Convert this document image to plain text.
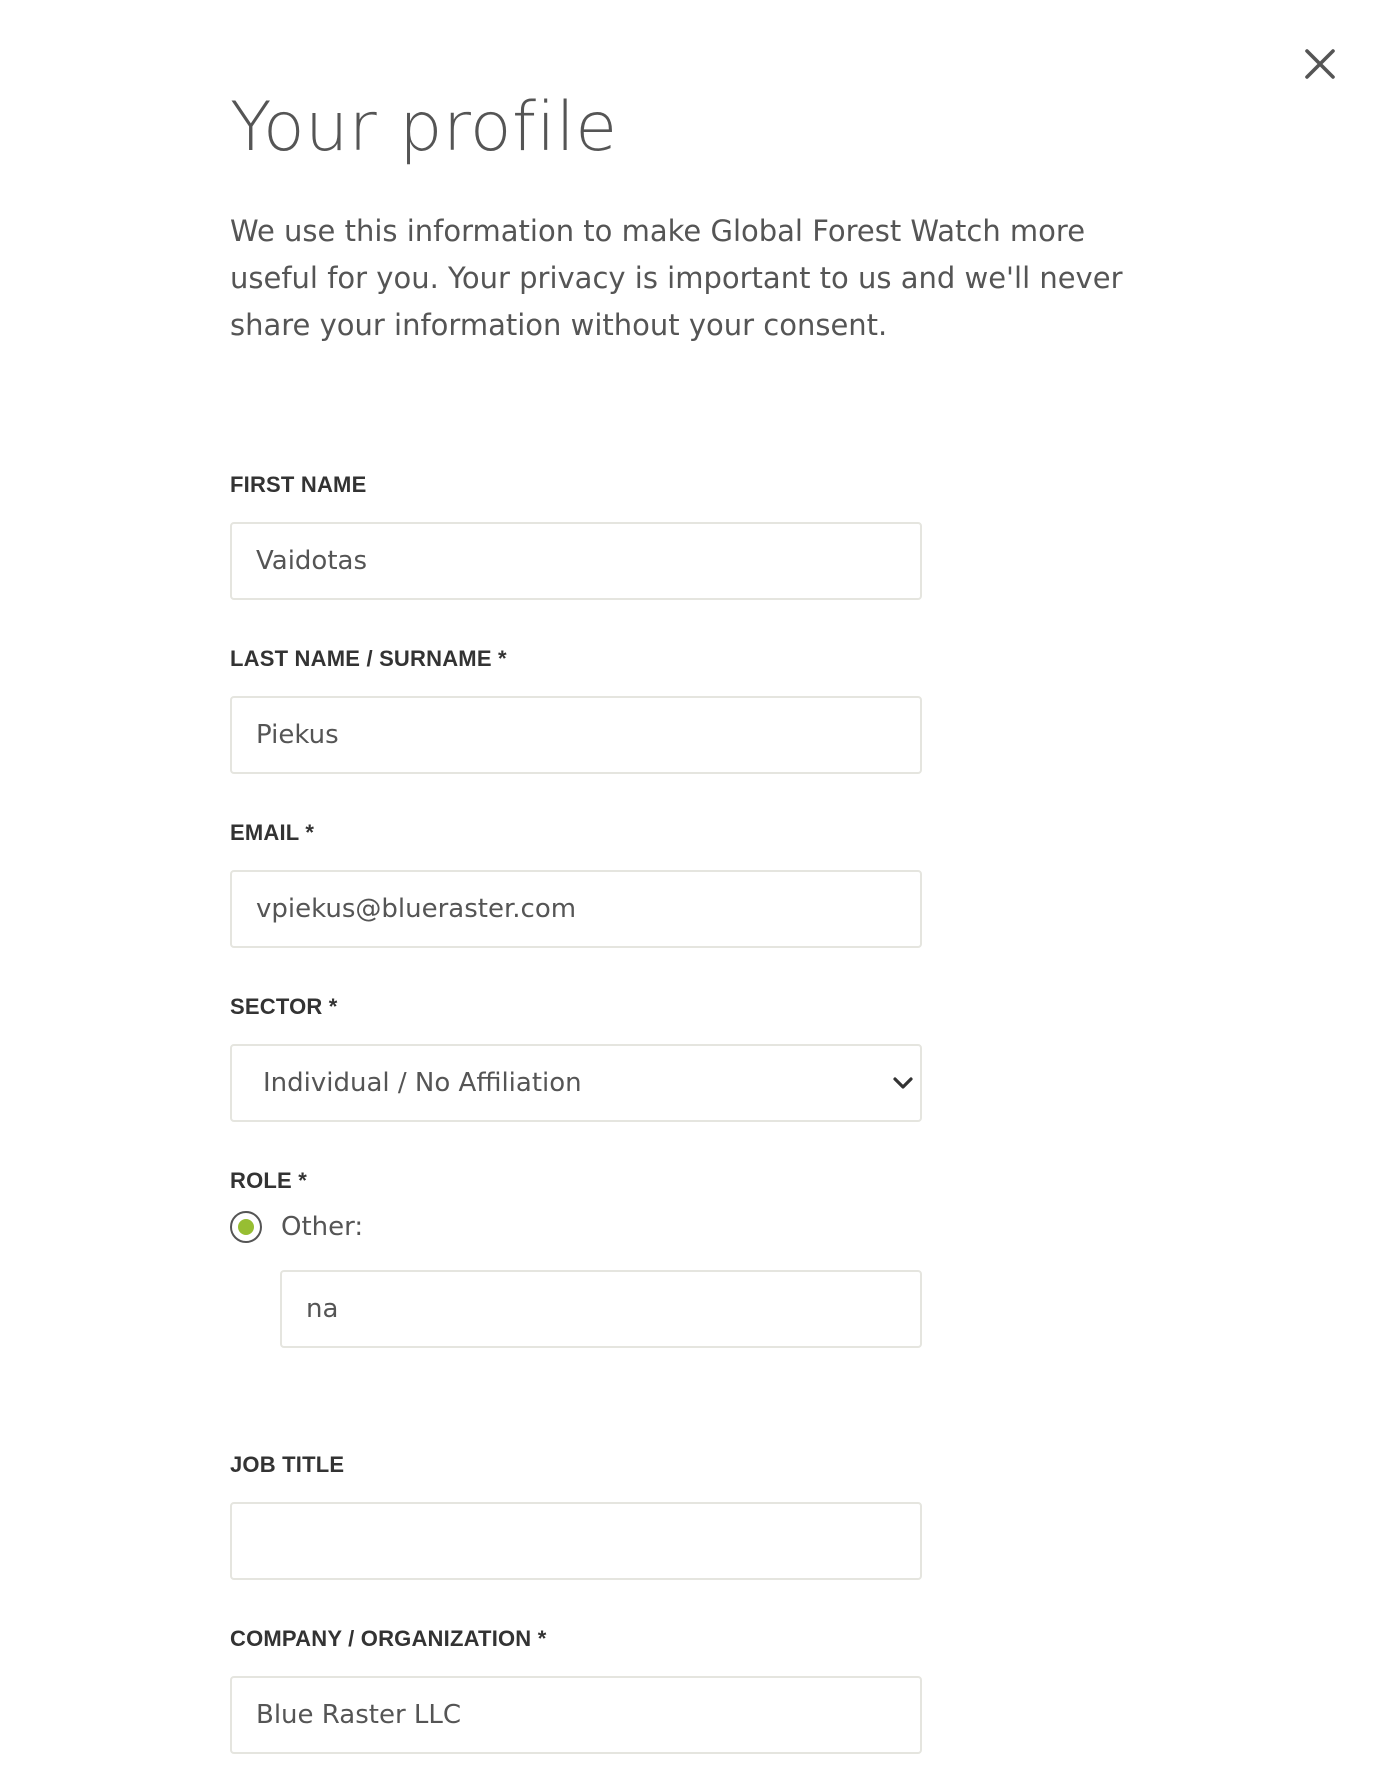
Your profile

We use this information to make Global Forest Watch more useful for you. Your privacy is important to us and we'll never share your information without your consent.

FIRST NAME
Vaidotas
LAST NAME / SURNAME *
Piekus
EMAIL *
vpiekus@blueraster.com
SECTOR *
Individual / No Affiliation
ROLE *
Other:
na
JOB TITLE
COMPANY / ORGANIZATION *
Blue Raster LLC
